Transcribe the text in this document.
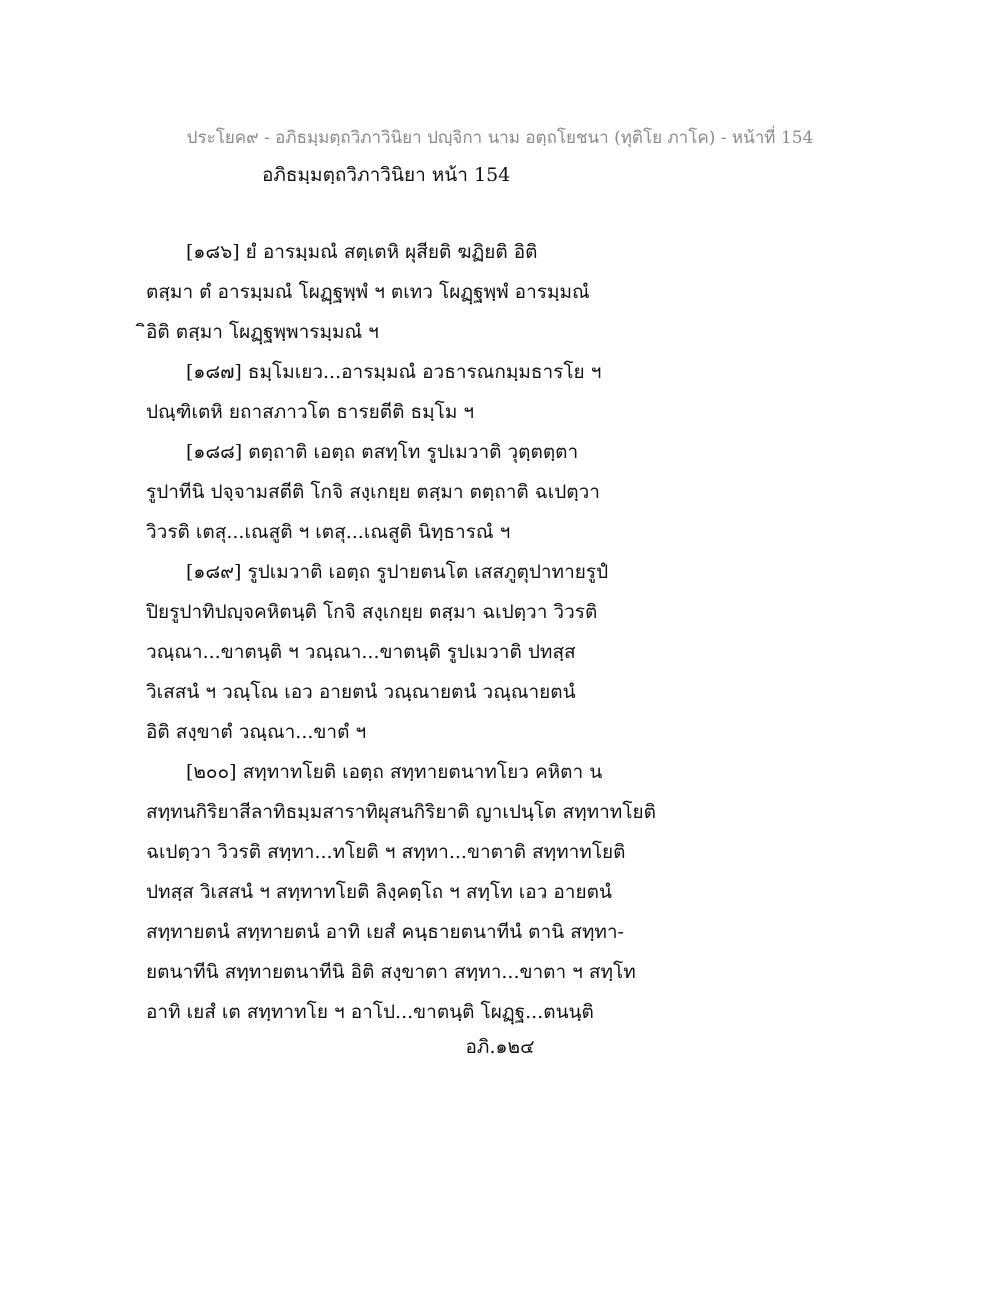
ประโยค๙ - อภิธมฺมตฺถวิภาวินิยา ปญฺจิกา นาม อตฺถโยชนา (ทุติโย ภาโค) - หน้าที่ 154
อภิธมฺมตฺถวิภาวินิยา หน้า 154
[๑๘๖] ยํ อารมฺมณํ สตฺเตหิ ผุสียติ ฆฏิยติ อิติ
ตสฺมา ตํ อารมฺมณํ โผฏฺฐพฺพํ ฯ ตเทว โผฏฺฐพฺพํ อารมฺมณํ
ิอิติ ตสฺมา โผฏฺฐพฺพารมฺมณํ ฯ
[๑๘๗] ธมฺโมเยว...อารมฺมณํ อวธารณกมฺมธารโย ฯ
ปณฺฑิเตหิ ยถาสภาวโต ธารยตีติ ธมฺโม ฯ
[๑๘๘] ตตฺถาติ เอตฺถ ตสทฺโท รูปเมวาติ วุตฺตตฺตา
รูปาทีนิ ปจฺจามสตีติ โกจิ สงฺเกยฺย ตสฺมา ตตฺถาติ ฉเปตฺวา
วิวรติ เตสุ...เณสูติ ฯ เตสุ...เณสูติ นิทฺธารณํ ฯ
[๑๘๙] รูปเมวาติ เอตฺถ รูปายตนโต เสสภูตุปาทายรูปํ
ปิยรูปาทิปญฺจคหิตนฺติ โกจิ สงฺเกยฺย ตสฺมา ฉเปตฺวา วิวรติ
วณฺณา...ขาตนฺติ ฯ วณฺณา...ขาตนฺติ รูปเมวาติ ปทสฺส
วิเสสนํ ฯ วณฺโณ เอว อายตนํ วณฺณายตนํ วณฺณายตนํ
อิติ สงฺขาตํ วณฺณา...ขาตํ ฯ
[๒๐๐] สทฺทาทโยติ เอตฺถ สทฺทายตนาทโยว คหิตา น
สทฺทนกิริยาสีลาทิธมฺมสาราทิผุสนกิริยาติ ญาเปนฺโต สทฺทาทโยติ
ฉเปตฺวา วิวรติ สทฺทา...ทโยติ ฯ สทฺทา...ขาตาติ สทฺทาทโยติ
ปทสฺส วิเสสนํ ฯ สทฺทาทโยติ ลิงฺคตฺโถ ฯ สทฺโท เอว อายตนํ
สทฺทายตนํ สทฺทายตนํ อาทิ เยสํ คนฺธายตนาทีนํ ตานิ สทฺทา-
ยตนาทีนิ สทฺทายตนาทีนิ อิติ สงฺขาตา สทฺทา...ขาตา ฯ สทฺโท
อาทิ เยสํ เต สทฺทาทโย ฯ อาโป...ขาตนฺติ โผฏฺฐ...ตนนฺติ
อภิ.๑๒๔
